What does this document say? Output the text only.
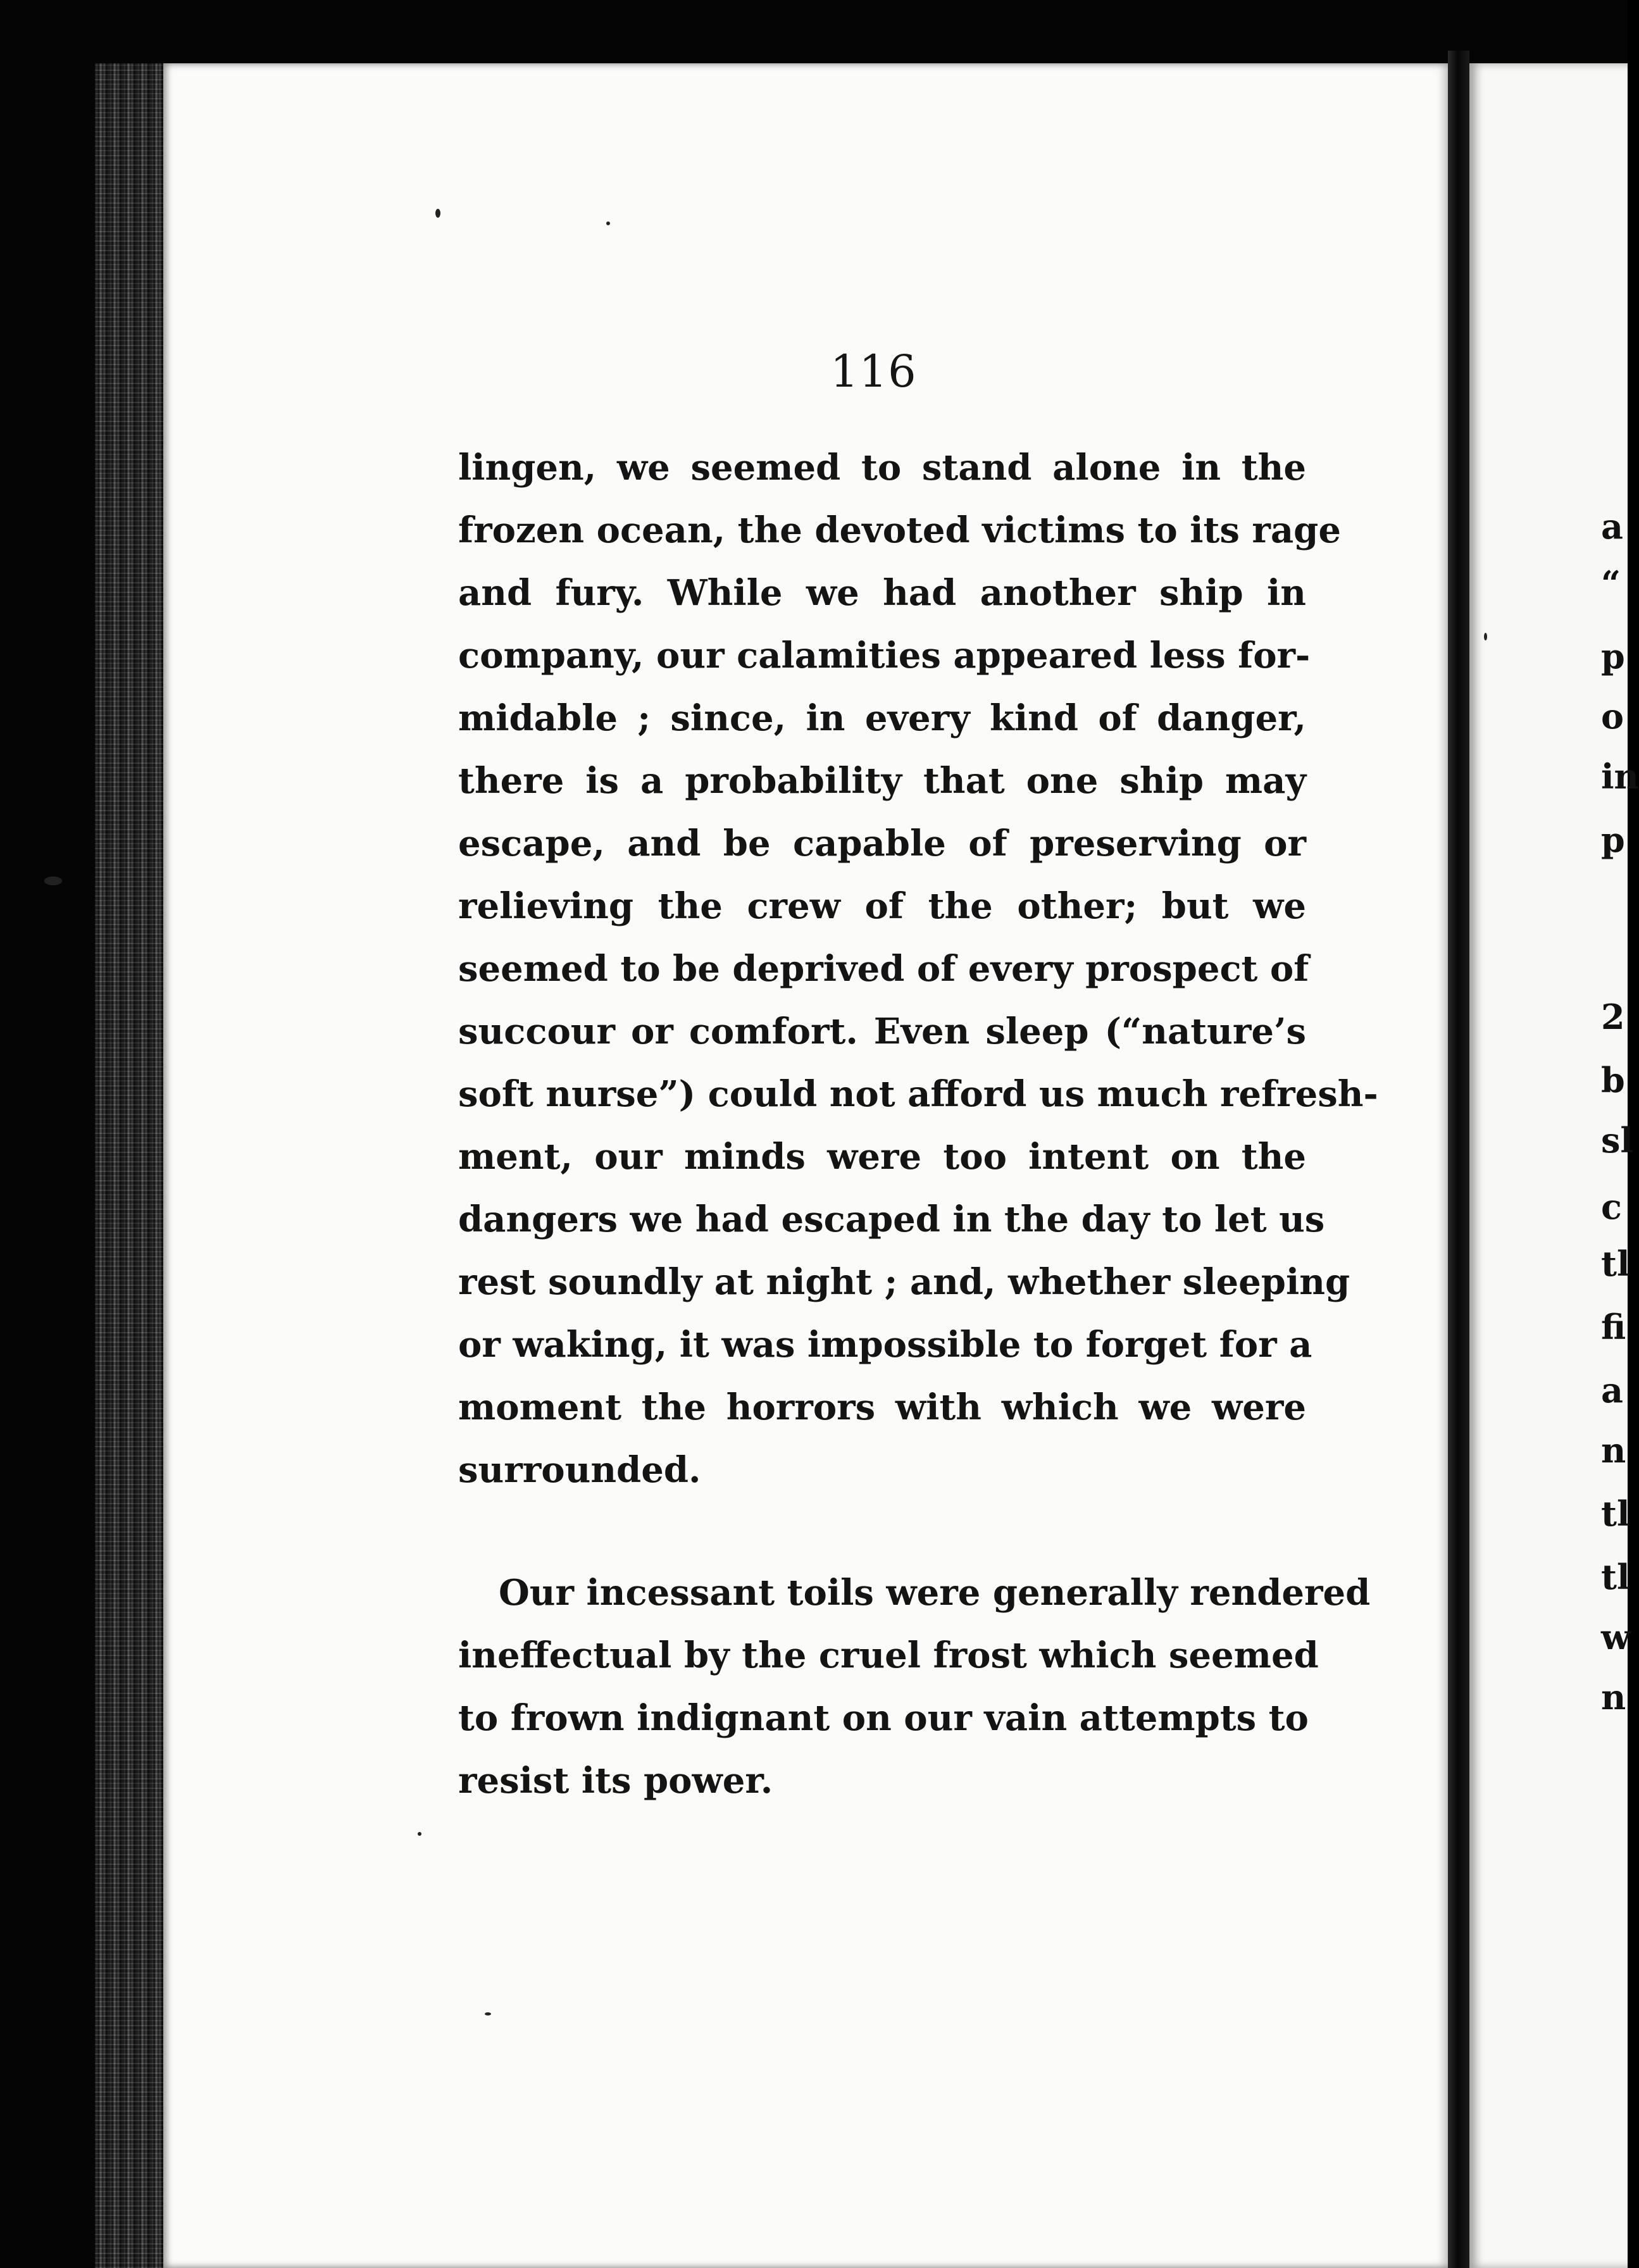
116
lingen, we seemed to stand alone in the
frozen ocean, the devoted victims to its rage
and fury. While we had another ship in
company, our calamities appeared less for-
midable ; since, in every kind of danger,
there is a probability that one ship may
escape, and be capable of preserving or
relieving the crew of the other; but we
seemed to be deprived of every prospect of
succour or comfort. Even sleep (“nature’s
soft nurse”) could not afford us much refresh-
ment, our minds were too intent on the
dangers we had escaped in the day to let us
rest soundly at night ; and, whether sleeping
or waking, it was impossible to forget for a
moment the horrors with which we were
surrounded.
Our incessant toils were generally rendered
ineffectual by the cruel frost which seemed
to frown indignant on our vain attempts to
resist its power.
a
“
p
o
in
p
2
b
sl
c
tl
fi
a
n
tl
tl
w
n
